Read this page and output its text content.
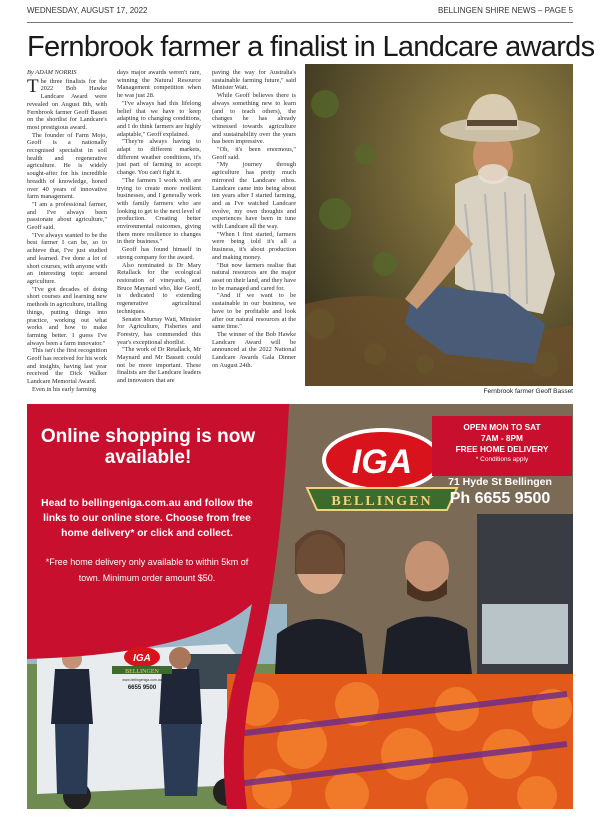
WEDNESDAY, AUGUST 17, 2022	BELLINGEN SHIRE NEWS – PAGE 5
Fernbrook farmer a finalist in Landcare awards

By ADAM NORRIS

The three finalists for the 2022 Bob Hawke Landcare Award were revealed on August 8th, with Fernbrook farmer Geoff Basset on the shortlist for Landcare's most prestigious award.

The founder of Farm Mojo, Geoff is a nationally recognised specialist in soil health and regenerative agriculture. He is widely sought-after for his incredible breadth of knowledge, honed over 40 years of innovative farm management.

"I am a professional farmer, and I've always been passionate about agriculture," Geoff said.

"I've always wanted to be the best farmer I can be, so to achieve that, I've just studied and learned. I've done a lot of short courses, with anyone with an interesting topic around agriculture.

"I've got decades of doing short courses and learning new methods in agriculture, trialling things, putting things into practice, working out what works and how to make farming better. I guess I've always been a farm innovator."

This isn't the first recognition Geoff has received for his work and insights, having last year received the Dick Walker Landcare Memorial Award.

Even in his early farming

days major awards weren't rare, winning the Natural Resource Management competition when he was just 28.

"I've always had this lifelong belief that we have to keep adapting to changing conditions, and I do think farmers are highly adaptable," Geoff explained.

"They're always having to adapt to different markets, different weather conditions, it's just part of farming to accept change. You can't fight it.

"The farmers I work with are trying to create more resilient businesses, and I generally work with family farmers who are looking to get to the next level of production. Creating better environmental outcomes, giving them more resilience to changes in their business."

Geoff has found himself in strong company for the award.

Also nominated is Dr Mary Retallack for the ecological restoration of vineyards, and Bruce Maynard who, like Geoff, is dedicated to extending regenerative agricultural techniques.

Senator Murray Watt, Minister for Agriculture, Fisheries and Forestry, has commended this year's exceptional shortlist.

"The work of Dr Retallack, Mr Maynard and Mr Bassett could not be more important. These finalists are the Landcare leaders and innovators that are

paving the way for Australia's sustainable farming future," said Minister Watt.

While Geoff believes there is always something new to learn (and to teach others), the changes he has already witnessed towards agriculture and sustainability over the years has been impressive.

"Oh, it's been enormous," Geoff said.

"My journey through agriculture has pretty much mirrored the Landcare ethos. Landcare came into being about ten years after I started farming, and as I've watched Landcare evolve, my own thoughts and experiences have been in tune with Landcare all the way.

"When I first started, farmers were being told it's all a business, it's about production and making money.

"But now farmers realise that natural resources are the major asset on their land, and they have to be managed and cared for.

"And if we want to be sustainable in our business, we have to be profitable and look after our natural resources at the same time."

The winner of the Bob Hawke Landcare Award will be announced at the 2022 National Landcare Awards Gala Dinner on August 24th.

Fernbrook farmer Geoff Basset
Online shopping is now available!
Head to bellingeniga.com.au and follow the links to our online store. Choose from free home delivery* or click and collect.
*Free home delivery only available to within 5km of town. Minimum order amount $50.
IGA
BELLINGEN
OPEN MON TO SAT
7AM - 8PM
FREE HOME DELIVERY
* Conditions apply
71 Hyde St Bellingen
Ph 6655 9500
IGA
BELLINGEN
www.bellingeniga.com.au
6655 9500
